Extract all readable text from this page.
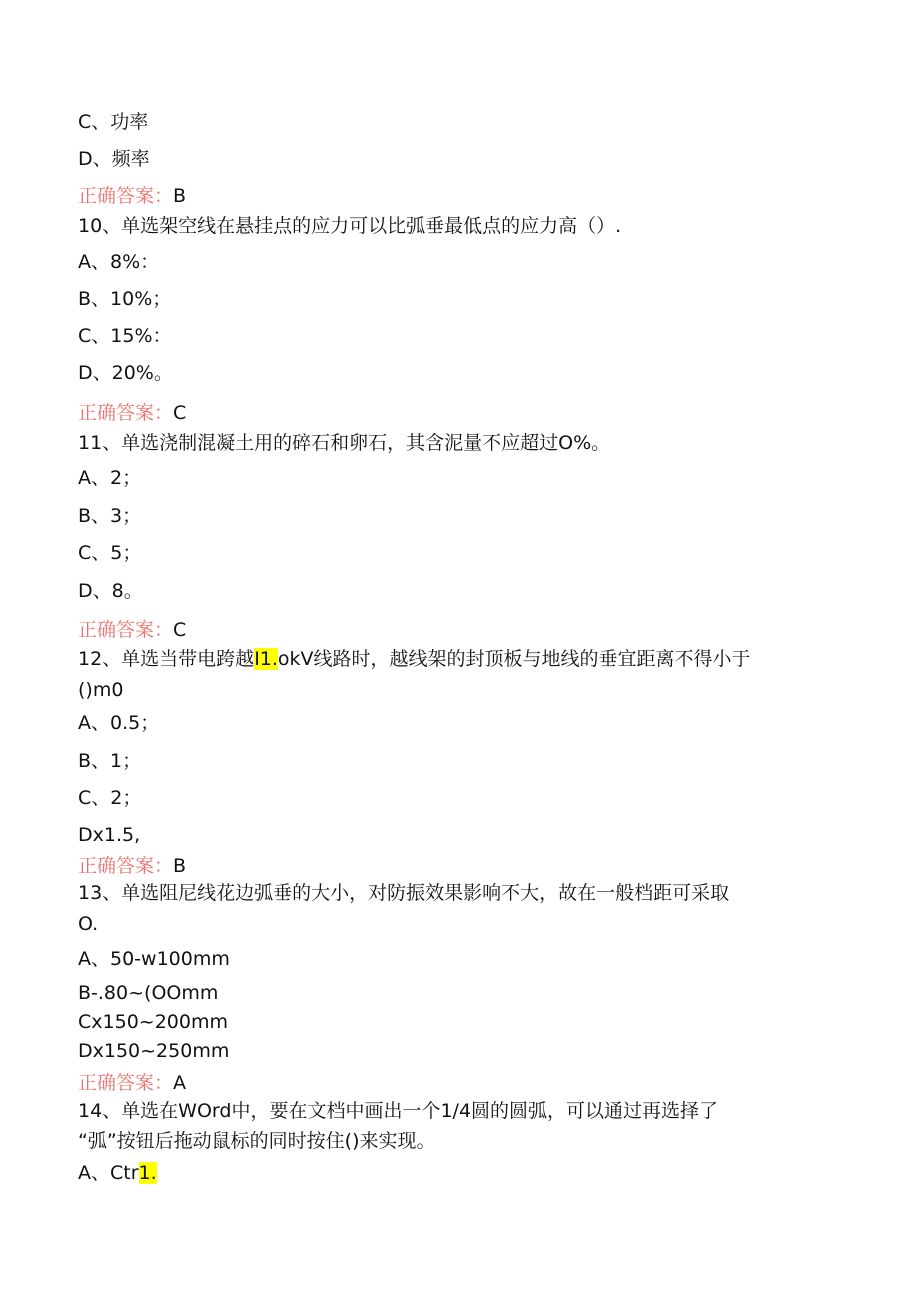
C、功率
D、频率
正确答案：B
10、单选架空线在悬挂点的应力可以比弧垂最低点的应力高（）.
A、8%：
B、10%；
C、15%：
D、20%。
正确答案：C
11、单选浇制混凝土用的碎石和卵石，其含泥量不应超过O%。
A、2；
B、3；
C、5；
D、8。
正确答案：C
12、单选当带电跨越I1.okV线路时，越线架的封顶板与地线的垂宜距离不得小于
()m0
A、0.5；
B、1；
C、2；
Dx1.5,
正确答案：B
13、单选阻尼线花边弧垂的大小，对防振效果影响不大，故在一般档距可采取
O.
A、50-w100mm
B-.80~(OOmm
Cx150~200mm
Dx150~250mm
正确答案：A
14、单选在WOrd中，要在文档中画出一个1/4圆的圆弧，可以通过再选择了
“弧”按钮后拖动鼠标的同时按住()来实现。
A、Ctr1.
